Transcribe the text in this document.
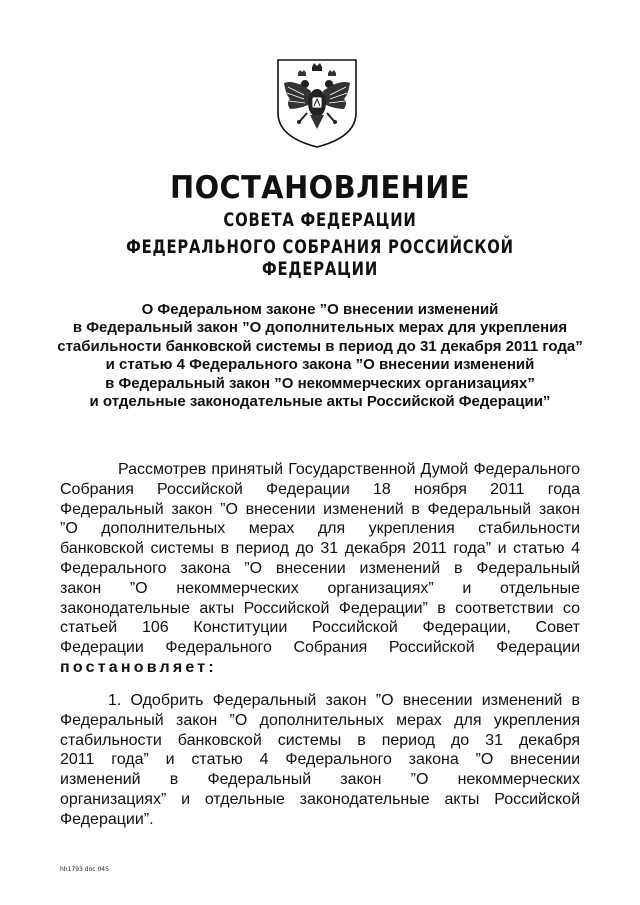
ПОСТАНОВЛЕНИЕ
СОВЕТА ФЕДЕРАЦИИ
ФЕДЕРАЛЬНОГО СОБРАНИЯ РОССИЙСКОЙ ФЕДЕРАЦИИ
О Федеральном законе ”О внесении изменений
в Федеральный закон ”О дополнительных мерах для укрепления
стабильности банковской системы в период до 31 декабря 2011 года”
и статью 4 Федерального закона ”О внесении изменений
в Федеральный закон ”О некоммерческих организациях”
и отдельные законодательные акты Российской Федерации”
Рассмотрев принятый Государственной Думой Федерального
Собрания Российской Федерации 18 ноября 2011 года
Федеральный закон ”О внесении изменений в Федеральный закон
”О дополнительных мерах для укрепления стабильности
банковской системы в период до 31 декабря 2011 года” и статью 4
Федерального закона ”О внесении изменений в Федеральный
закон ”О некоммерческих организациях” и отдельные
законодательные акты Российской Федерации” в соответствии со
статьей 106 Конституции Российской Федерации, Совет
Федерации Федерального Собрания Российской Федерации
постановляет:
1. Одобрить Федеральный закон ”О внесении изменений в
Федеральный закон ”О дополнительных мерах для укрепления
стабильности банковской системы в период до 31 декабря
2011 года” и статью 4 Федерального закона ”О внесении
изменений в Федеральный закон ”О некоммерческих
организациях” и отдельные законодательные акты Российской
Федерации”.
hh1793 doc 045
